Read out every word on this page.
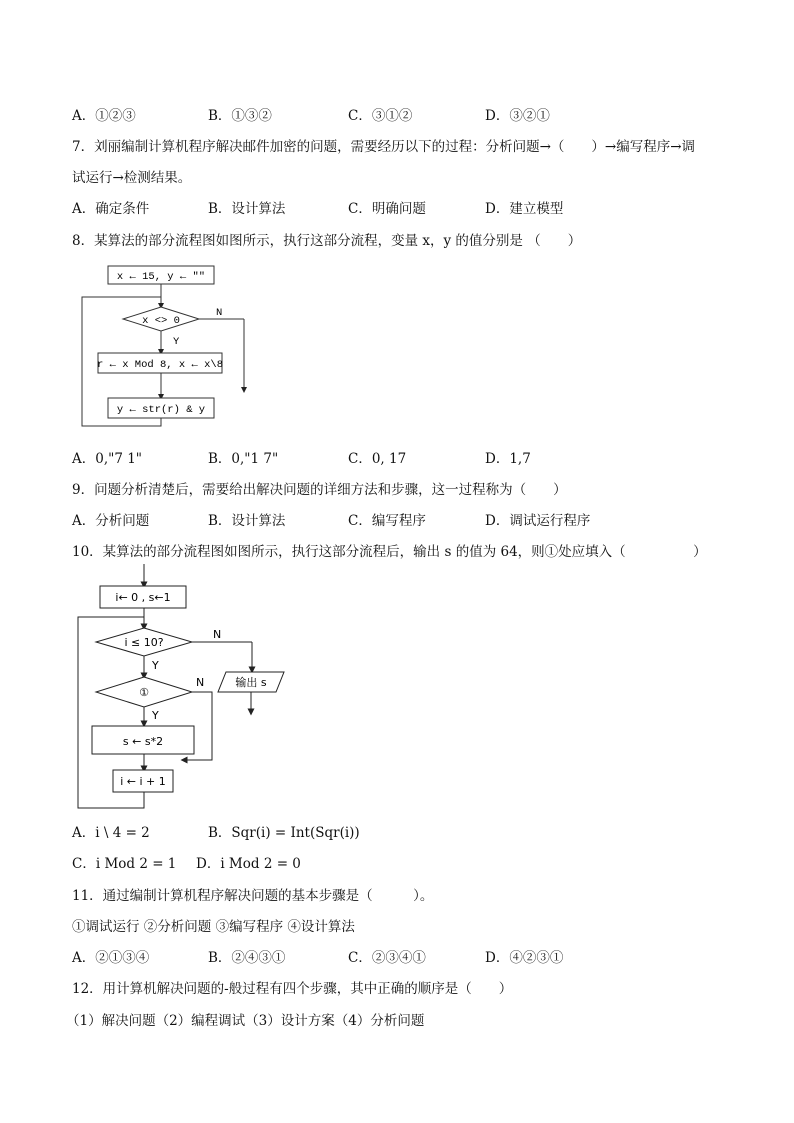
A．①②③	B．①③②	C．③①②	D．③②①
7．刘丽编制计算机程序解决邮件加密的问题，需要经历以下的过程：分析问题→（　　）→编写程序→调
试运行→检测结果。
A．确定条件	B．设计算法	C．明确问题	D．建立模型
8．某算法的部分流程图如图所示，执行这部分流程，变量 x，y 的值分别是 （　　）
x ← 15, y ← ""
x <> 0
N
Y
r ← x Mod 8, x ← x\8
y ← str(r) & y
A．0,"7 1"	B．0,"1 7"	C．0, 17	D．1,7
9．问题分析清楚后，需要给出解决问题的详细方法和步骤，这一过程称为（　　）
A．分析问题	B．设计算法	C．编写程序	D．调试运行程序
10．某算法的部分流程图如图所示，执行这部分流程后，输出 s 的值为 64，则①处应填入（　　　　　）
i← 0 , s←1
i ≤ 10?
N
输出 s
Y
①
N
Y
s ← s*2
i ← i + 1
A．i \ 4 = 2	B．Sqr(i) = Int(Sqr(i))
C．i Mod 2 = 1 D．i Mod 2 = 0
11．通过编制计算机程序解决问题的基本步骤是（　　　）。
①调试运行 ②分析问题 ③编写程序 ④设计算法
A．②①③④	B．②④③①	C．②③④①	D．④②③①
12．用计算机解决问题的-般过程有四个步骤，其中正确的顺序是（　　）
（1）解决问题（2）编程调试（3）设计方案（4）分析问题
